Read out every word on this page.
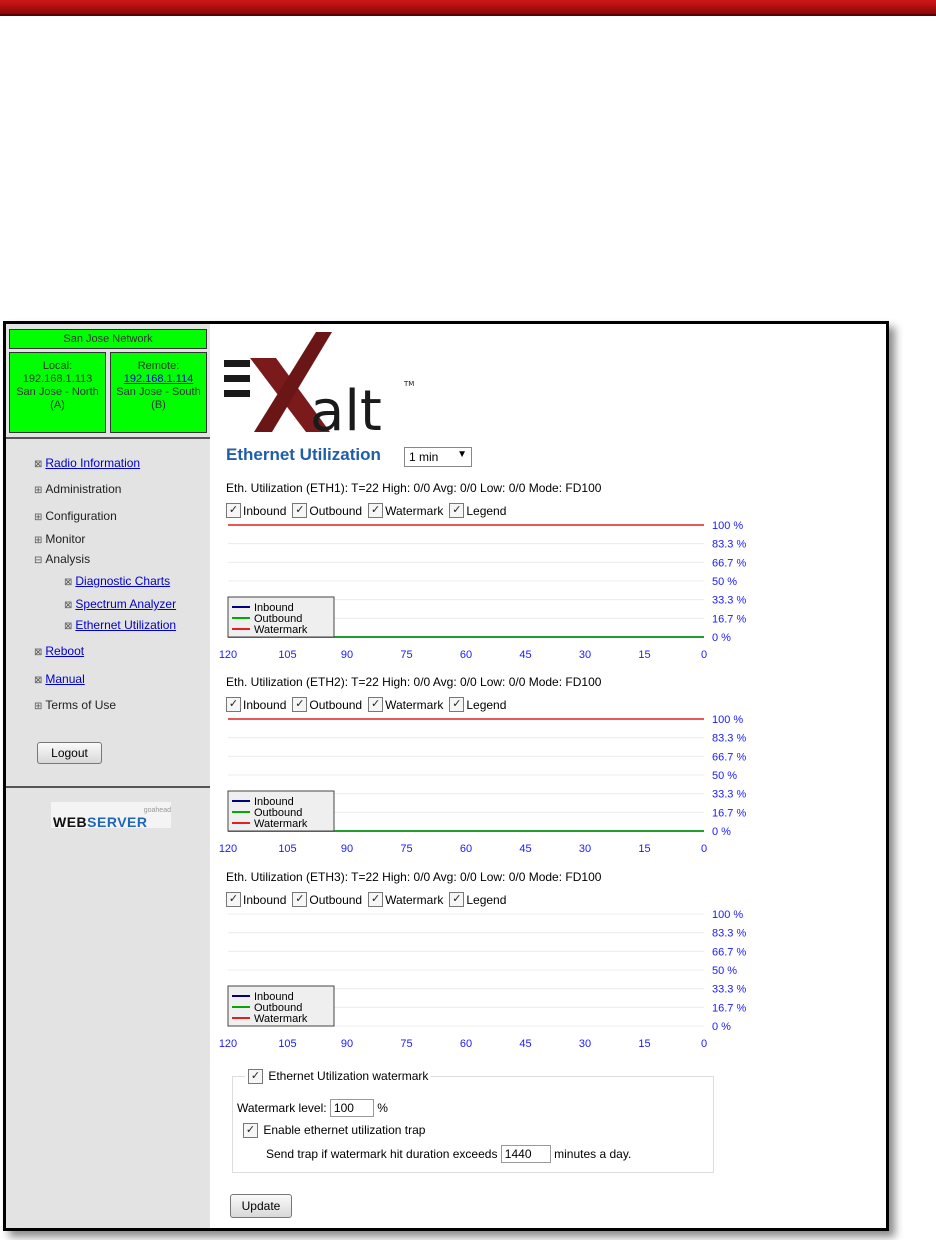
San Jose Network
Local:
192.168.1.113
San Jose - North (A)
Remote:
192.168.1.114
San Jose - South (B)
⊠ Radio Information
⊞ Administration
⊞ Configuration
⊞ Monitor
⊟ Analysis
⊠ Diagnostic Charts
⊠ Spectrum Analyzer
⊠ Ethernet Utilization
⊠ Reboot
⊠ Manual
⊞ Terms of Use
Logout
goahead
WEBSERVER
alt	TM
Ethernet Utilization	1 min ▼
Eth. Utilization (ETH1): T=22 High: 0/0 Avg: 0/0 Low: 0/0 Mode: FD100
✓ Inbound ✓ Outbound ✓ Watermark ✓ Legend
100 %
83.3 %
66.7 %
50 %
33.3 %
16.7 %
0 %
120	105	90	75	60	45	30	15	0
Inbound
Outbound
Watermark
Eth. Utilization (ETH2): T=22 High: 0/0 Avg: 0/0 Low: 0/0 Mode: FD100
✓ Inbound ✓ Outbound ✓ Watermark ✓ Legend
100 %
83.3 %
66.7 %
50 %
33.3 %
16.7 %
0 %
120	105	90	75	60	45	30	15	0
Inbound
Outbound
Watermark
Eth. Utilization (ETH3): T=22 High: 0/0 Avg: 0/0 Low: 0/0 Mode: FD100
✓ Inbound ✓ Outbound ✓ Watermark ✓ Legend
100 %
83.3 %
66.7 %
50 %
33.3 %
16.7 %
0 %
120	105	90	75	60	45	30	15	0
Inbound
Outbound
Watermark
✓ Ethernet Utilization watermark
Watermark level: 100	%
✓ Enable ethernet utilization trap
Send trap if watermark hit duration exceeds 1440	minutes a day.
Update
